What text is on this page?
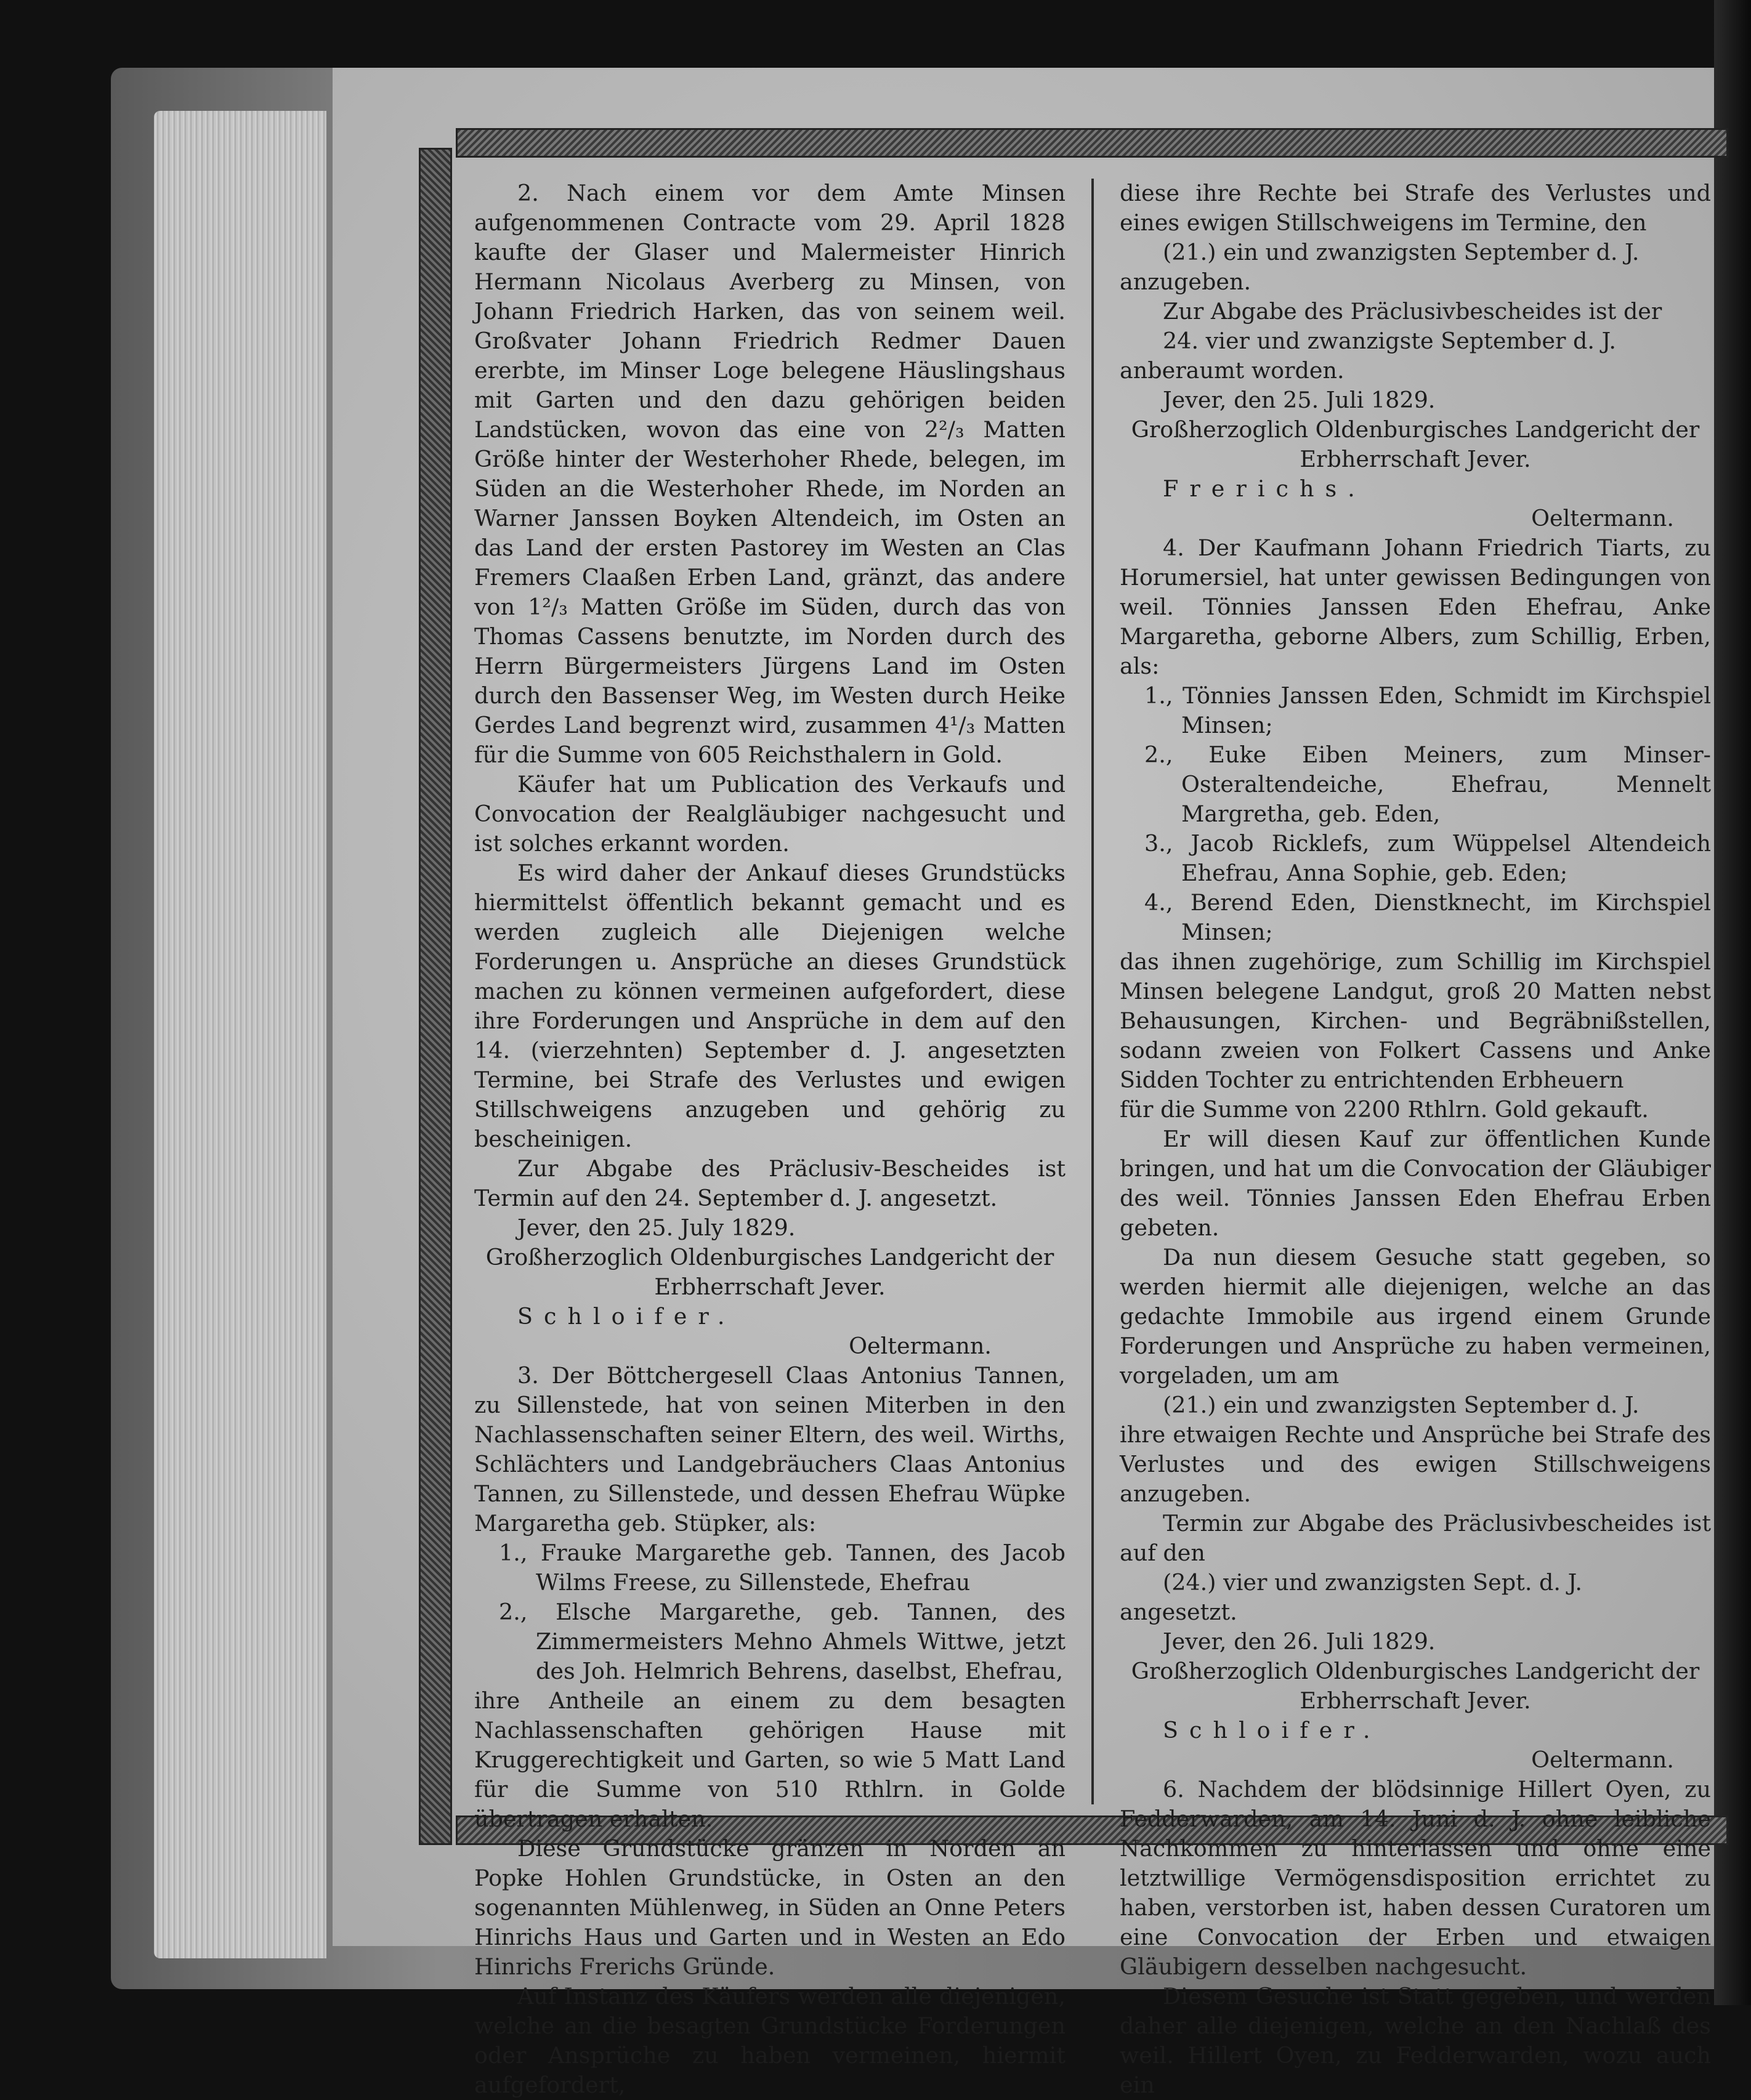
2. Nach einem vor dem Amte Minsen aufgenommenen Contracte vom 29. April 1828 kaufte der Glaser und Malermeister Hinrich Hermann Nicolaus Averberg zu Minsen, von Johann Friedrich Harken, das von seinem weil. Großvater Johann Friedrich Redmer Dauen ererbte, im Minser Loge belegene Häuslingshaus mit Garten und den dazu gehörigen beiden Landstücken, wovon das eine von 2²/₃ Matten Größe hinter der Westerhoher Rhede, belegen, im Süden an die Westerhoher Rhede, im Norden an Warner Janssen Boyken Altendeich, im Osten an das Land der ersten Pastorey im Westen an Clas Fremers Claaßen Erben Land, gränzt, das andere von 1²/₃ Matten Größe im Süden, durch das von Thomas Cassens benutzte, im Norden durch des Herrn Bürgermeisters Jürgens Land im Osten durch den Bassenser Weg, im Westen durch Heike Gerdes Land begrenzt wird, zusammen 4¹/₃ Matten für die Summe von 605 Reichsthalern in Gold.

Käufer hat um Publication des Verkaufs und Convocation der Realgläubiger nachgesucht und ist solches erkannt worden.

Es wird daher der Ankauf dieses Grundstücks hiermittelst öffentlich bekannt gemacht und es werden zugleich alle Diejenigen welche Forderungen u. Ansprüche an dieses Grundstück machen zu können vermeinen aufgefordert, diese ihre Forderungen und Ansprüche in dem auf den 14. (vierzehnten) September d. J. angesetzten Termine, bei Strafe des Verlustes und ewigen Stillschweigens anzugeben und gehörig zu bescheinigen.

Zur Abgabe des Präclusiv-Bescheides ist Termin auf den 24. September d. J. angesetzt.

Jever, den 25. July 1829.

Großherzoglich Oldenburgisches Landgericht der Erbherrschaft Jever.

Schloifer.

Oeltermann.

3. Der Böttchergesell Claas Antonius Tannen, zu Sillenstede, hat von seinen Miterben in den Nachlassenschaften seiner Eltern, des weil. Wirths, Schlächters und Landgebräuchers Claas Antonius Tannen, zu Sillenstede, und dessen Ehefrau Wüpke Margaretha geb. Stüpker, als:

1., Frauke Margarethe geb. Tannen, des Jacob Wilms Freese, zu Sillenstede, Ehefrau

2., Elsche Margarethe, geb. Tannen, des Zimmermeisters Mehno Ahmels Wittwe, jetzt des Joh. Helmrich Behrens, daselbst, Ehefrau,

ihre Antheile an einem zu dem besagten Nachlassenschaften gehörigen Hause mit Kruggerechtigkeit und Garten, so wie 5 Matt Land für die Summe von 510 Rthlrn. in Golde übertragen erhalten.

Diese Grundstücke gränzen in Norden an Popke Hohlen Grundstücke, in Osten an den sogenannten Mühlenweg, in Süden an Onne Peters Hinrichs Haus und Garten und in Westen an Edo Hinrichs Frerichs Gründe.

Auf Instanz des Käufers werden alle diejenigen, welche an die besagten Grundstücke Forderungen oder Ansprüche zu haben vermeinen, hiermit aufgefordert,

diese ihre Rechte bei Strafe des Verlustes und eines ewigen Stillschweigens im Termine, den

(21.) ein und zwanzigsten September d. J.

anzugeben.

Zur Abgabe des Präclusivbescheides ist der

24. vier und zwanzigste September d. J.

anberaumt worden.

Jever, den 25. Juli 1829.

Großherzoglich Oldenburgisches Landgericht der Erbherrschaft Jever.

Frerichs.

Oeltermann.

4. Der Kaufmann Johann Friedrich Tiarts, zu Horumersiel, hat unter gewissen Bedingungen von weil. Tönnies Janssen Eden Ehefrau, Anke Margaretha, geborne Albers, zum Schillig, Erben, als:

1., Tönnies Janssen Eden, Schmidt im Kirchspiel Minsen;

2., Euke Eiben Meiners, zum Minser-Osteraltendeiche, Ehefrau, Mennelt Margretha, geb. Eden,

3., Jacob Ricklefs, zum Wüppelsel Altendeich Ehefrau, Anna Sophie, geb. Eden;

4., Berend Eden, Dienstknecht, im Kirchspiel Minsen;

das ihnen zugehörige, zum Schillig im Kirchspiel Minsen belegene Landgut, groß 20 Matten nebst Behausungen, Kirchen- und Begräbnißstellen, sodann zweien von Folkert Cassens und Anke Sidden Tochter zu entrichtenden Erbheuern

für die Summe von 2200 Rthlrn. Gold gekauft.

Er will diesen Kauf zur öffentlichen Kunde bringen, und hat um die Convocation der Gläubiger des weil. Tönnies Janssen Eden Ehefrau Erben gebeten.

Da nun diesem Gesuche statt gegeben, so werden hiermit alle diejenigen, welche an das gedachte Immobile aus irgend einem Grunde Forderungen und Ansprüche zu haben vermeinen, vorgeladen, um am

(21.) ein und zwanzigsten September d. J.

ihre etwaigen Rechte und Ansprüche bei Strafe des Verlustes und des ewigen Stillschweigens anzugeben.

Termin zur Abgabe des Präclusivbescheides ist auf den

(24.) vier und zwanzigsten Sept. d. J.

angesetzt.

Jever, den 26. Juli 1829.

Großherzoglich Oldenburgisches Landgericht der Erbherrschaft Jever.

Schloifer.

Oeltermann.

6. Nachdem der blödsinnige Hillert Oyen, zu Fedderwarden, am 14. Juni d. J. ohne leibliche Nachkommen zu hinterlassen und ohne eine letztwillige Vermögensdisposition errichtet zu haben, verstorben ist, haben dessen Curatoren um eine Convocation der Erben und etwaigen Gläubigern desselben nachgesucht.

Diesem Gesuche ist Statt gegeben, und werden daher alle diejenigen, welche an den Nachlaß des weil. Hillert Oyen, zu Fedderwarden, wozu auch ein
